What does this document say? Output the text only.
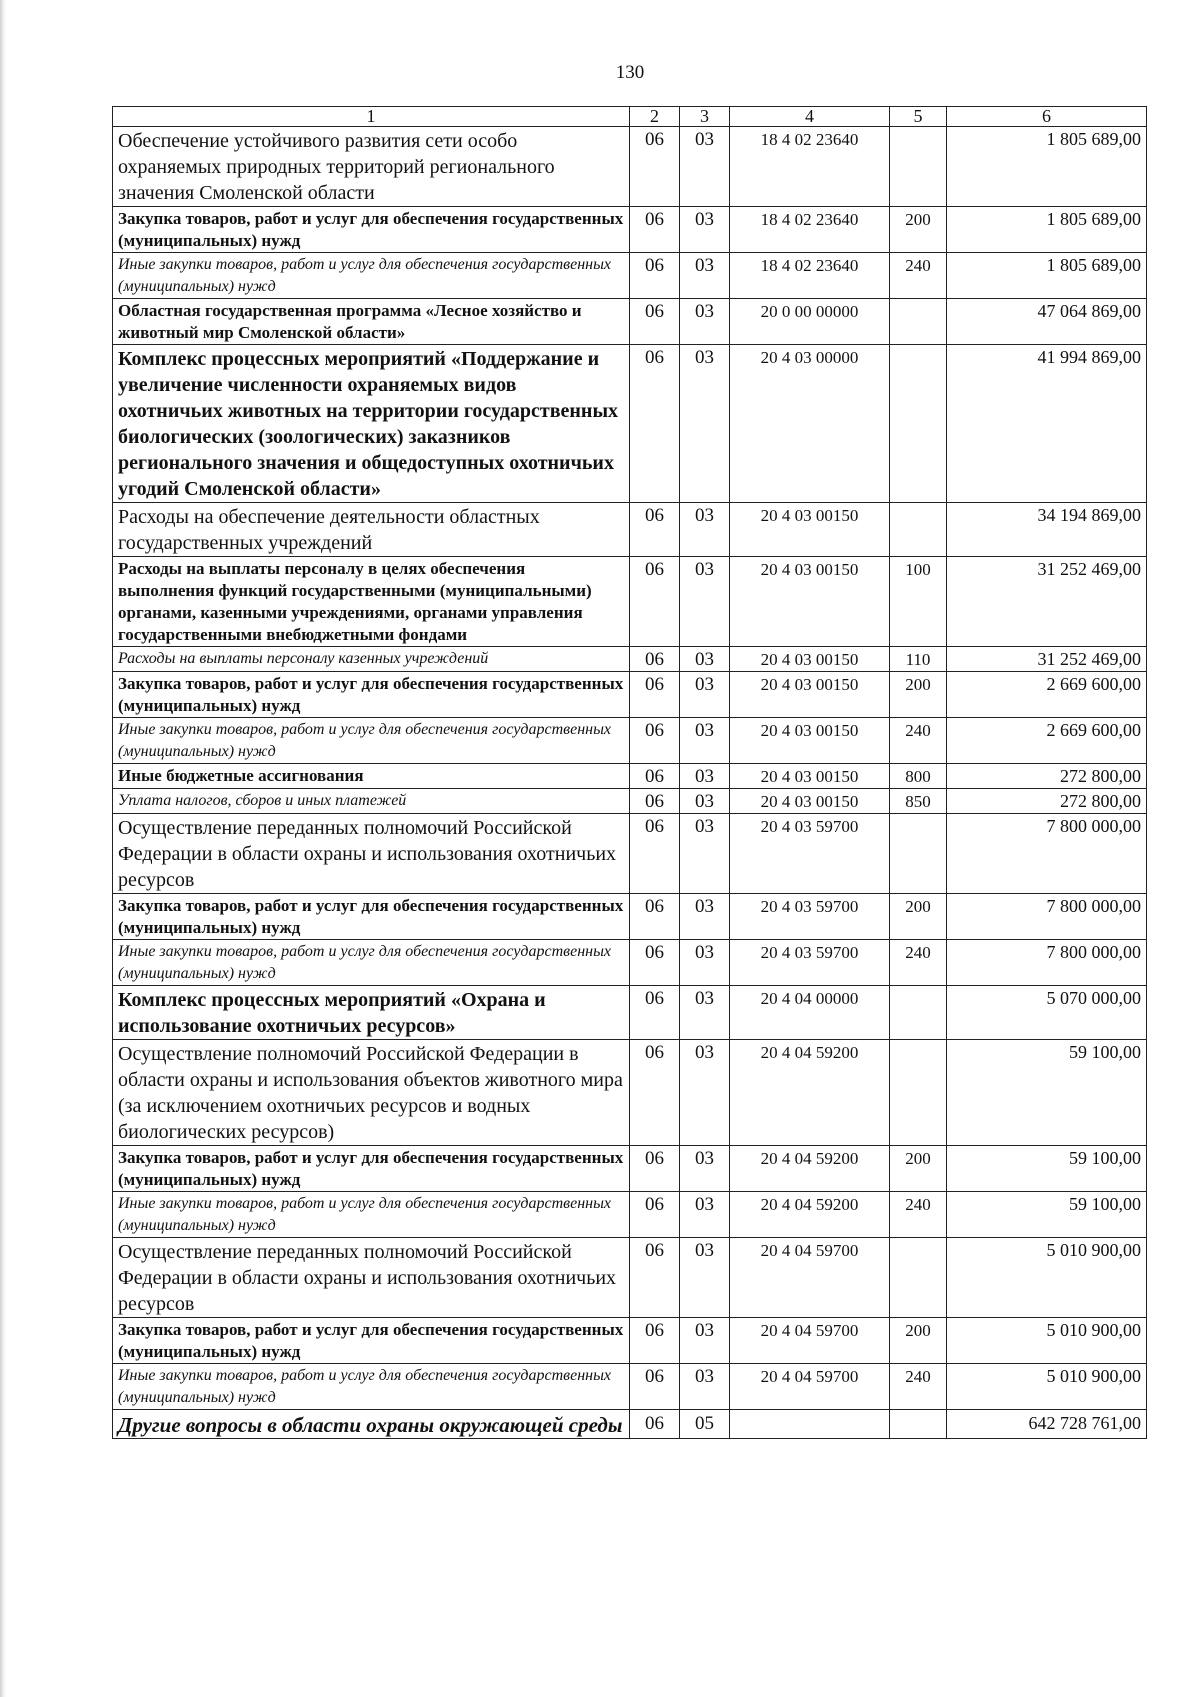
130
1	2	3	4	5	6
Обеспечение устойчивого развития сети особо охраняемых природных территорий регионального значения Смоленской области	06	03	18 4 02 23640		1 805 689,00
Закупка товаров, работ и услуг для обеспечения государственных (муниципальных) нужд	06	03	18 4 02 23640	200	1 805 689,00
Иные закупки товаров, работ и услуг для обеспечения государственных (муниципальных) нужд	06	03	18 4 02 23640	240	1 805 689,00
Областная государственная программа «Лесное хозяйство и животный мир Смоленской области»	06	03	20 0 00 00000		47 064 869,00
Комплекс процессных мероприятий «Поддержание и увеличение численности охраняемых видов охотничьих животных на территории государственных биологических (зоологических) заказников регионального значения и общедоступных охотничьих угодий Смоленской области»	06	03	20 4 03 00000		41 994 869,00
Расходы на обеспечение деятельности областных государственных учреждений	06	03	20 4 03 00150		34 194 869,00
Расходы на выплаты персоналу в целях обеспечения выполнения функций государственными (муниципальными) органами, казенными учреждениями, органами управления государственными внебюджетными фондами	06	03	20 4 03 00150	100	31 252 469,00
Расходы на выплаты персоналу казенных учреждений	06	03	20 4 03 00150	110	31 252 469,00
Закупка товаров, работ и услуг для обеспечения государственных (муниципальных) нужд	06	03	20 4 03 00150	200	2 669 600,00
Иные закупки товаров, работ и услуг для обеспечения государственных (муниципальных) нужд	06	03	20 4 03 00150	240	2 669 600,00
Иные бюджетные ассигнования	06	03	20 4 03 00150	800	272 800,00
Уплата налогов, сборов и иных платежей	06	03	20 4 03 00150	850	272 800,00
Осуществление переданных полномочий Российской Федерации в области охраны и использования охотничьих ресурсов	06	03	20 4 03 59700		7 800 000,00
Закупка товаров, работ и услуг для обеспечения государственных (муниципальных) нужд	06	03	20 4 03 59700	200	7 800 000,00
Иные закупки товаров, работ и услуг для обеспечения государственных (муниципальных) нужд	06	03	20 4 03 59700	240	7 800 000,00
Комплекс процессных мероприятий «Охрана и использование охотничьих ресурсов»	06	03	20 4 04 00000		5 070 000,00
Осуществление полномочий Российской Федерации в области охраны и использования объектов животного мира (за исключением охотничьих ресурсов и водных биологических ресурсов)	06	03	20 4 04 59200		59 100,00
Закупка товаров, работ и услуг для обеспечения государственных (муниципальных) нужд	06	03	20 4 04 59200	200	59 100,00
Иные закупки товаров, работ и услуг для обеспечения государственных (муниципальных) нужд	06	03	20 4 04 59200	240	59 100,00
Осуществление переданных полномочий Российской Федерации в области охраны и использования охотничьих ресурсов	06	03	20 4 04 59700		5 010 900,00
Закупка товаров, работ и услуг для обеспечения государственных (муниципальных) нужд	06	03	20 4 04 59700	200	5 010 900,00
Иные закупки товаров, работ и услуг для обеспечения государственных (муниципальных) нужд	06	03	20 4 04 59700	240	5 010 900,00
Другие вопросы в области охраны окружающей среды	06	05			642 728 761,00
